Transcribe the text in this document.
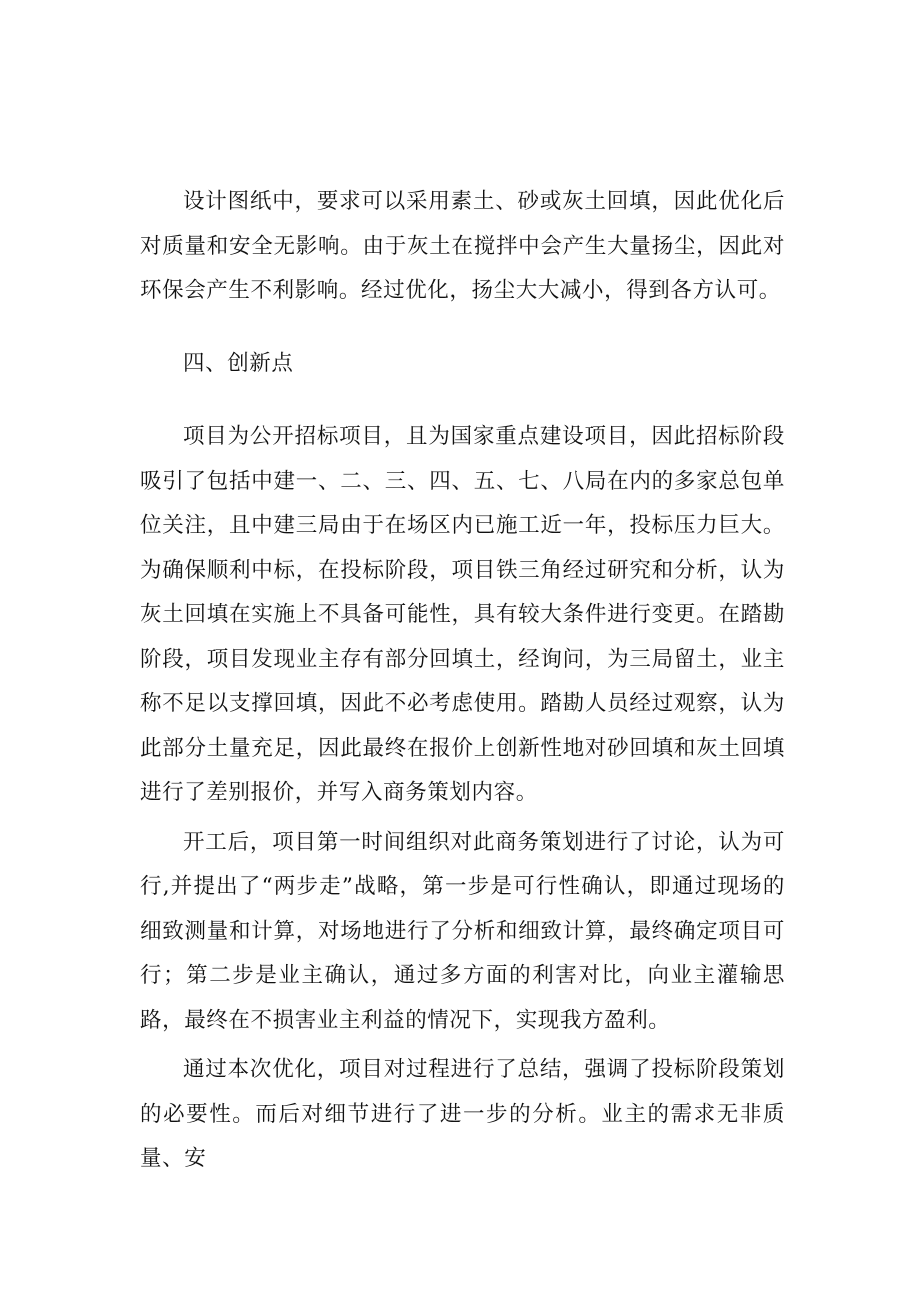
设计图纸中，要求可以采用素土、砂或灰土回填，因此优化后对质量和安全无影响。由于灰土在搅拌中会产生大量扬尘，因此对环保会产生不利影响。经过优化，扬尘大大减小，得到各方认可。

四、创新点

项目为公开招标项目，且为国家重点建设项目，因此招标阶段吸引了包括中建一、二、三、四、五、七、八局在内的多家总包单位关注，且中建三局由于在场区内已施工近一年，投标压力巨大。为确保顺利中标，在投标阶段，项目铁三角经过研究和分析，认为灰土回填在实施上不具备可能性，具有较大条件进行变更。在踏勘阶段，项目发现业主存有部分回填土，经询问，为三局留土，业主称不足以支撑回填，因此不必考虑使用。踏勘人员经过观察，认为此部分土量充足，因此最终在报价上创新性地对砂回填和灰土回填进行了差别报价，并写入商务策划内容。

开工后，项目第一时间组织对此商务策划进行了讨论，认为可行,并提出了“两步走”战略，第一步是可行性确认，即通过现场的细致测量和计算，对场地进行了分析和细致计算，最终确定项目可行；第二步是业主确认，通过多方面的利害对比，向业主灌输思路，最终在不损害业主利益的情况下，实现我方盈利。

通过本次优化，项目对过程进行了总结，强调了投标阶段策划的必要性。而后对细节进行了进一步的分析。业主的需求无非质量、安
